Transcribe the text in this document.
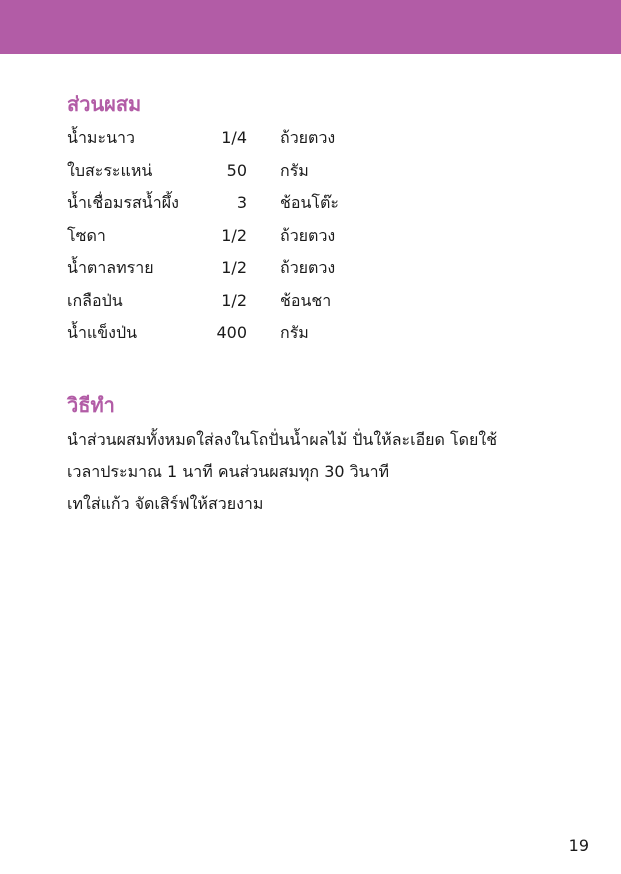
ส่วนผสม
น้ำมะนาว	1/4 ถ้วยตวง
ใบสะระแหน่	50 กรัม
น้ำเชื่อมรสน้ำผึ้ง	3 ช้อนโต๊ะ
โซดา	1/2 ถ้วยตวง
น้ำตาลทราย	1/2 ถ้วยตวง
เกลือป่น	1/2 ช้อนชา
น้ำแข็งป่น	400 กรัม
วิธีทำ
นำส่วนผสมทั้งหมดใส่ลงในโถปั่นน้ำผลไม้ ปั่นให้ละเอียด โดยใช้
เวลาประมาณ 1 นาที คนส่วนผสมทุก 30 วินาที
เทใส่แก้ว จัดเสิร์ฟให้สวยงาม
19
